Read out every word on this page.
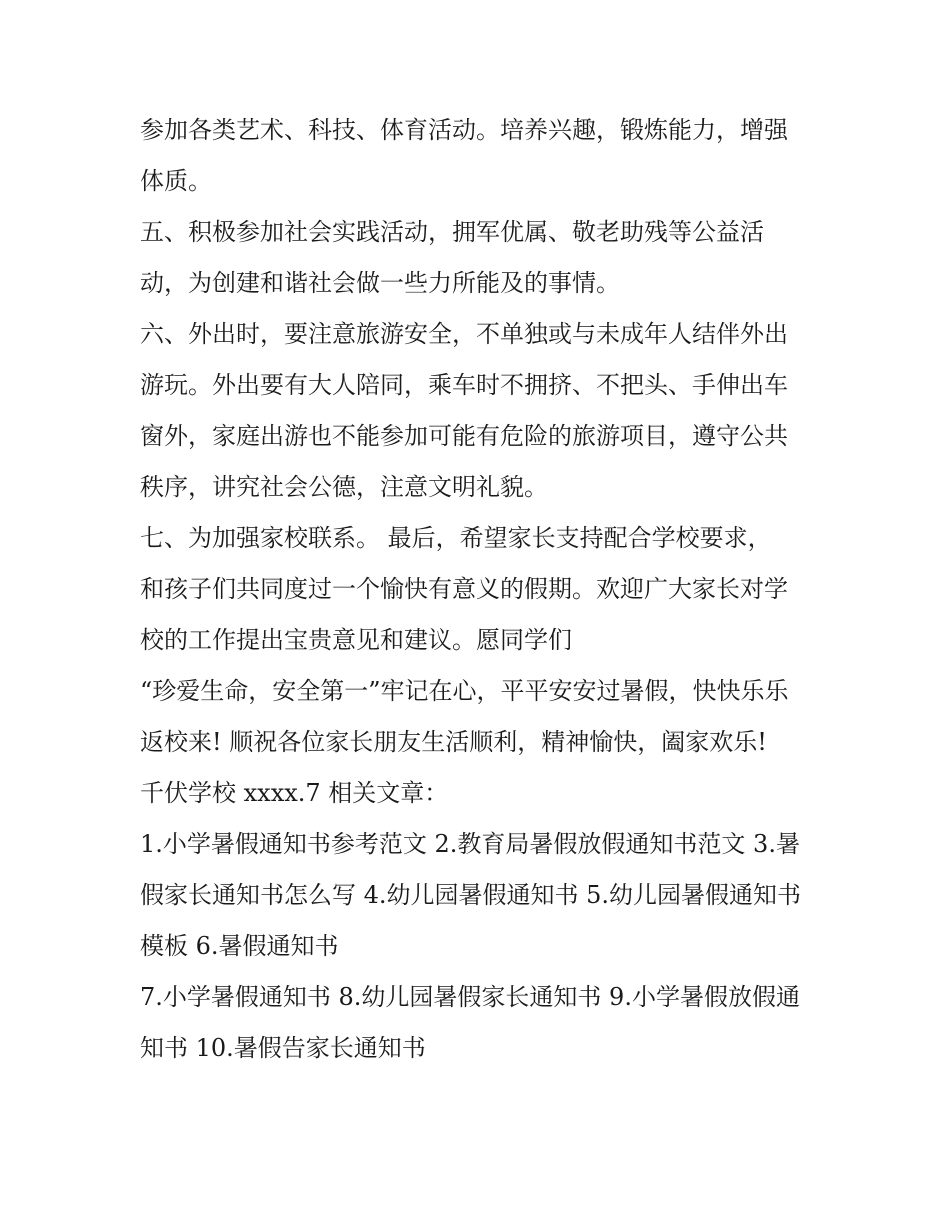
参加各类艺术、科技、体育活动。培养兴趣，锻炼能力，增强
体质。
五、积极参加社会实践活动，拥军优属、敬老助残等公益活
动，为创建和谐社会做一些力所能及的事情。
六、外出时，要注意旅游安全，不单独或与未成年人结伴外出
游玩。外出要有大人陪同，乘车时不拥挤、不把头、手伸出车
窗外，家庭出游也不能参加可能有危险的旅游项目，遵守公共
秩序，讲究社会公德，注意文明礼貌。
七、为加强家校联系。 最后，希望家长支持配合学校要求，
和孩子们共同度过一个愉快有意义的假期。欢迎广大家长对学
校的工作提出宝贵意见和建议。愿同学们
“珍爱生命，安全第一”牢记在心，平平安安过暑假，快快乐乐
返校来! 顺祝各位家长朋友生活顺利，精神愉快，阖家欢乐!
千伏学校 xxxx.7 相关文章：
1.小学暑假通知书参考范文 2.教育局暑假放假通知书范文 3.暑
假家长通知书怎么写 4.幼儿园暑假通知书 5.幼儿园暑假通知书
模板 6.暑假通知书
7.小学暑假通知书 8.幼儿园暑假家长通知书 9.小学暑假放假通
知书 10.暑假告家长通知书
